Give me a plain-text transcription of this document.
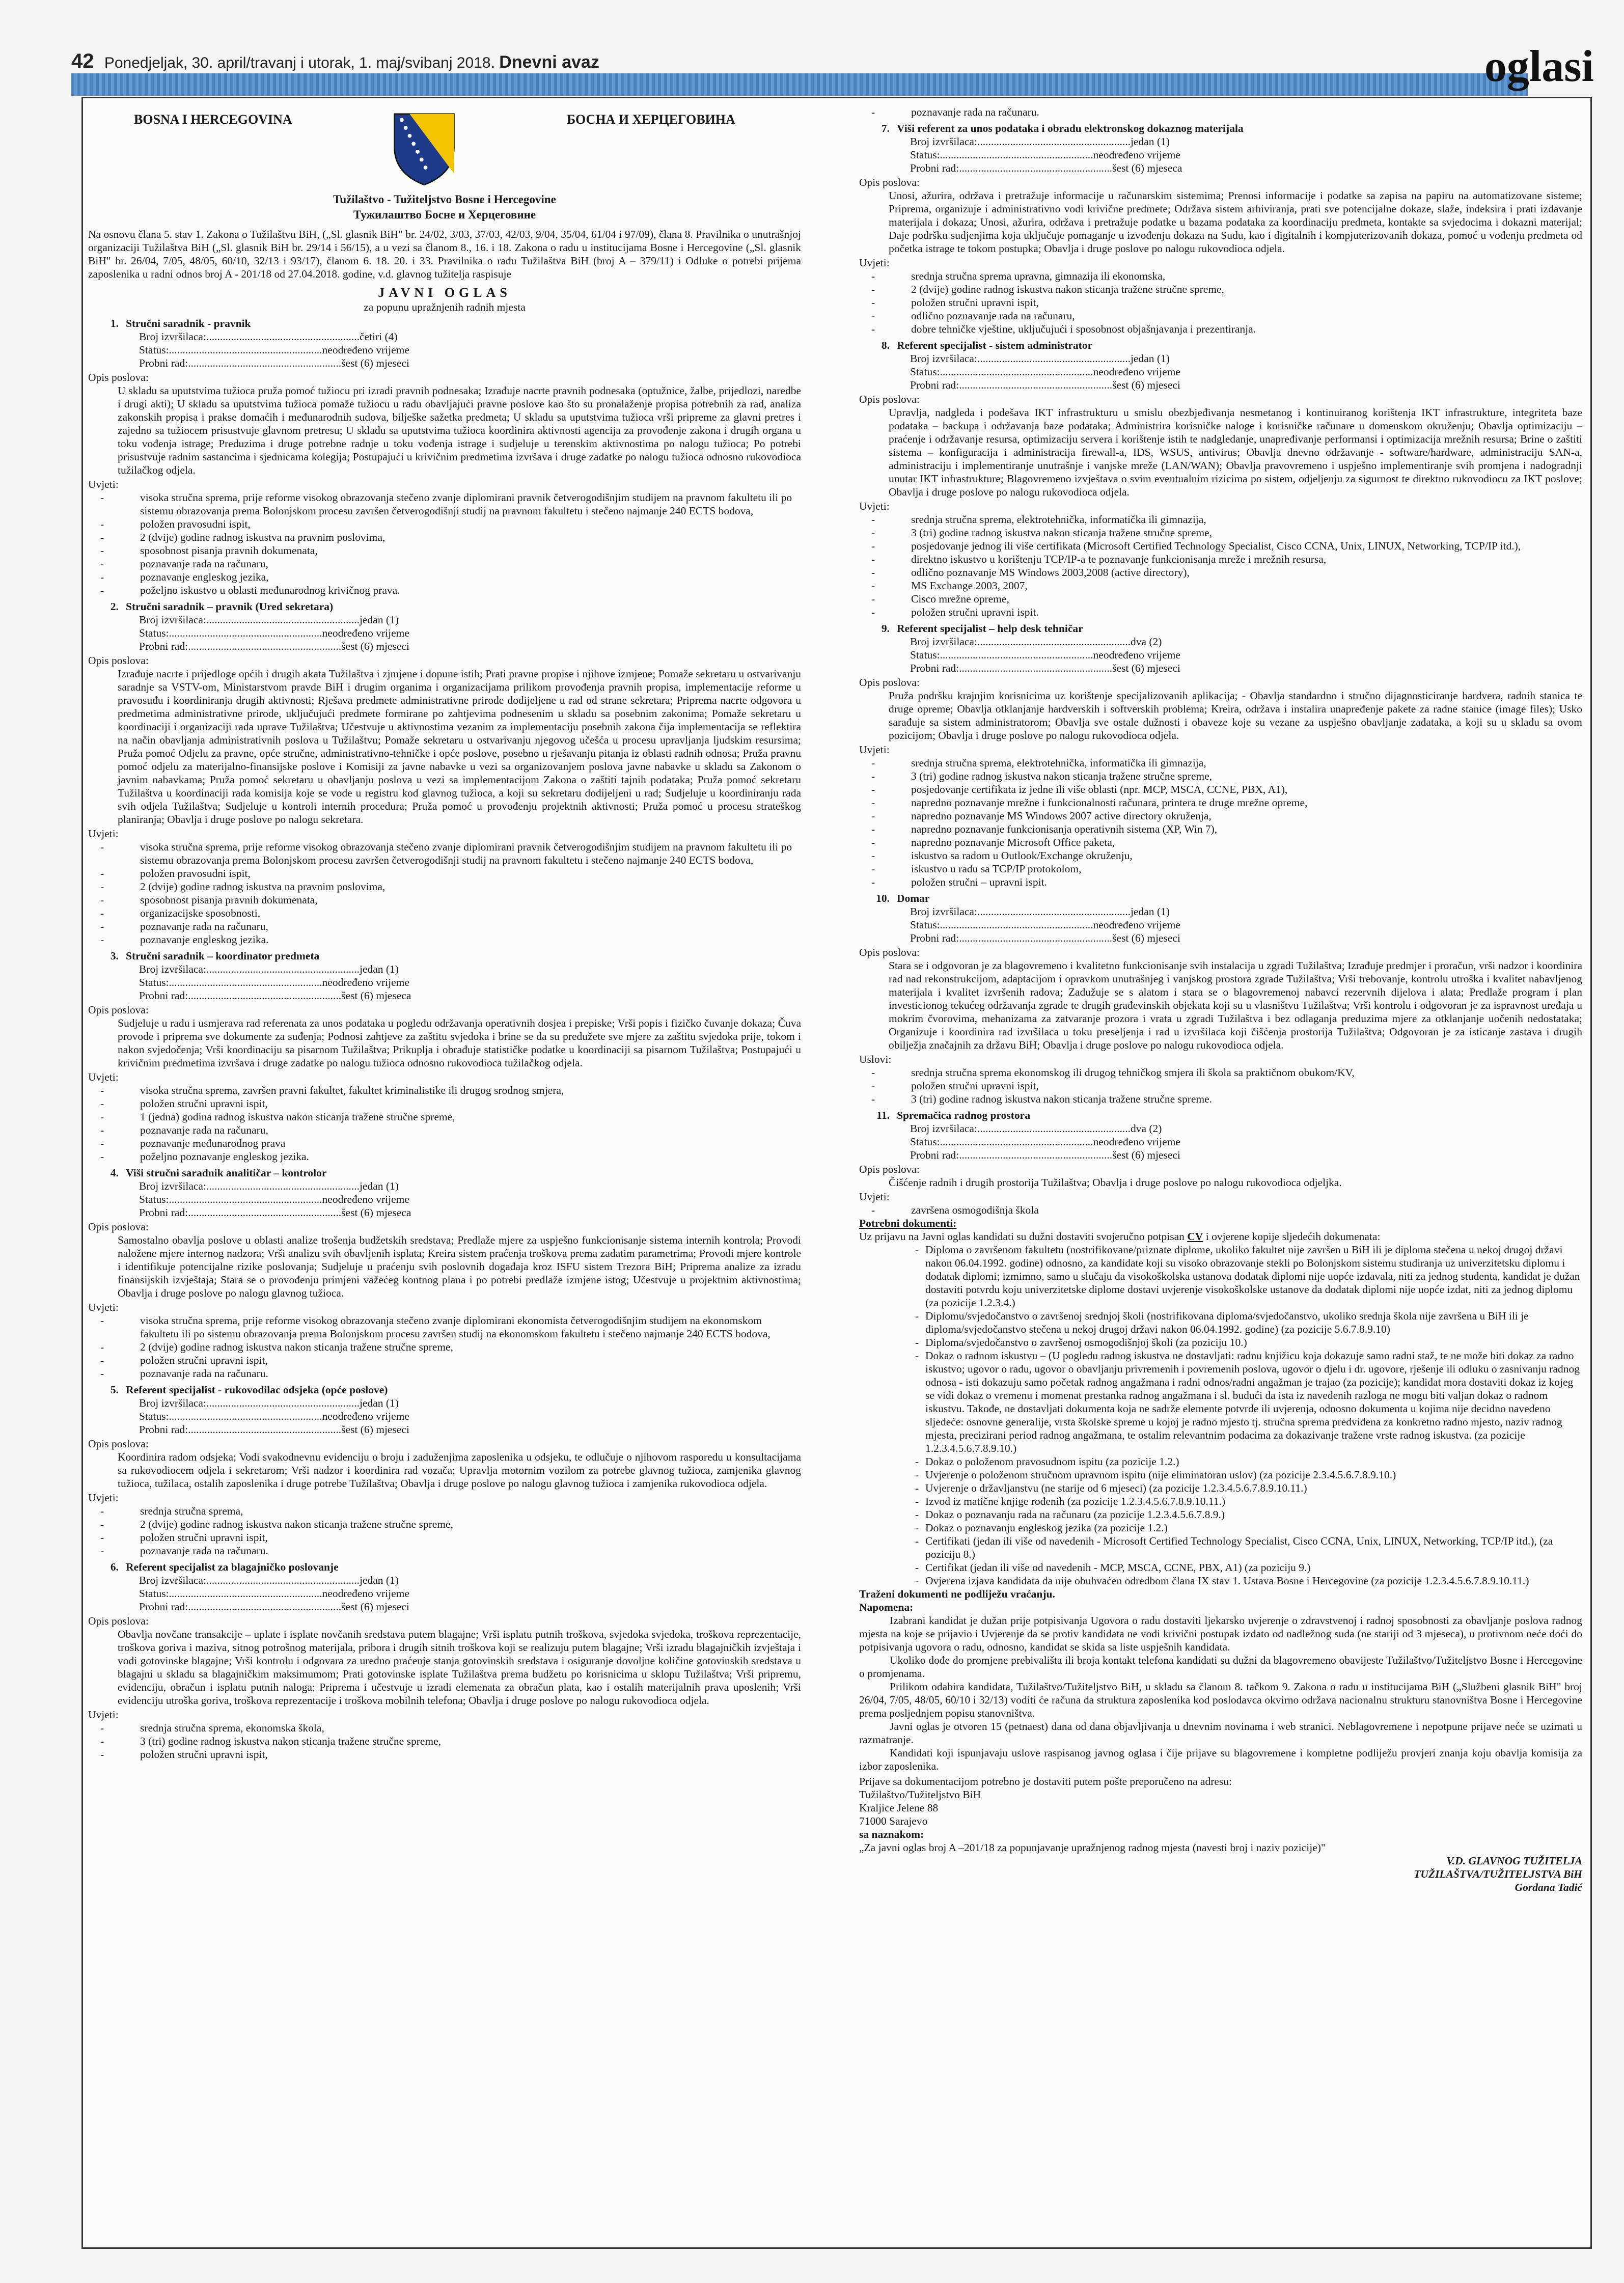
42 Ponedjeljak, 30. april/travanj i utorak, 1. maj/svibanj 2018. Dnevni avaz	oglasi
BOSNA I HERCEGOVINA	БОСНА И ХЕРЦЕГОВИНА
Tužilaštvo - Tužiteljstvo Bosne i Hercegovine
Тужилаштво Босне и Херцеговине

Na osnovu člana 5. stav 1. Zakona o Tužilaštvu BiH, („Sl. glasnik BiH" br. 24/02, 3/03, 37/03, 42/03, 9/04, 35/04, 61/04 i 97/09), člana 8. Pravilnika o unutrašnjoj organizaciji Tužilaštva BiH („Sl. glasnik BiH br. 29/14 i 56/15), a u vezi sa članom 8., 16. i 18. Zakona o radu u institucijama Bosne i Hercegovine („Sl. glasnik BiH" br. 26/04, 7/05, 48/05, 60/10, 32/13 i 93/17), članom 6. 18. 20. i 33. Pravilnika o radu Tužilaštva BiH (broj A – 379/11) i Odluke o potrebi prijema zaposlenika u radni odnos broj A - 201/18 od 27.04.2018. godine, v.d. glavnog tužitelja raspisuje

JAVNI OGLAS
za popunu upražnjenih radnih mjesta
1. Stručni saradnik - pravnik
Broj izvršilaca:........................................................četiri (4)
Status:........................................................neodređeno vrijeme
Probni rad:........................................................šest (6) mjeseci
Opis poslova:

U skladu sa uputstvima tužioca pruža pomoć tužiocu pri izradi pravnih podnesaka; Izrađuje nacrte pravnih podnesaka (optužnice, žalbe, prijedlozi, naredbe i drugi akti); U skladu sa uputstvima tužioca pomaže tužiocu u radu obavljajući pravne poslove kao što su pronalaženje propisa potrebnih za rad, analiza zakonskih propisa i prakse domaćih i međunarodnih sudova, bilješke sažetka predmeta; U skladu sa uputstvima tužioca vrši pripreme za glavni pretres i zajedno sa tužiocem prisustvuje glavnom pretresu; U skladu sa uputstvima tužioca koordinira aktivnosti agencija za provođenje zakona i drugih organa u toku vođenja istrage; Preduzima i druge potrebne radnje u toku vođenja istrage i sudjeluje u terenskim aktivnostima po nalogu tužioca; Po potrebi prisustvuje radnim sastancima i sjednicama kolegija; Postupajući u krivičnim predmetima izvršava i druge zadatke po nalogu tužioca odnosno rukovodioca tužilačkog odjela.

Uvjeti:
- visoka stručna sprema, prije reforme visokog obrazovanja stečeno zvanje diplomirani pravnik četverogodišnjim studijem na pravnom fakultetu ili po sistemu obrazovanja prema Bolonjskom procesu završen četverogodišnji studij na pravnom fakultetu i stečeno najmanje 240 ECTS bodova,
- položen pravosudni ispit,
- 2 (dvije) godine radnog iskustva na pravnim poslovima,
- sposobnost pisanja pravnih dokumenata,
- poznavanje rada na računaru,
- poznavanje engleskog jezika,
- poželjno iskustvo u oblasti međunarodnog krivičnog prava.
2. Stručni saradnik – pravnik (Ured sekretara)
Broj izvršilaca:........................................................jedan (1)
Status:........................................................neodređeno vrijeme
Probni rad:........................................................šest (6) mjeseci
Opis poslova:

Izrađuje nacrte i prijedloge općih i drugih akata Tužilaštva i zjmjene i dopune istih; Prati pravne propise i njihove izmjene; Pomaže sekretaru u ostvarivanju saradnje sa VSTV-om, Ministarstvom pravde BiH i drugim organima i organizacijama prilikom provođenja pravnih propisa, implementacije reforme u pravosuđu i koordiniranja drugih aktivnosti; Rješava predmete administrativne prirode dodijeljene u rad od strane sekretara; Priprema nacrte odgovora u predmetima administrativne prirode, uključujući predmete formirane po zahtjevima podnesenim u skladu sa posebnim zakonima; Pomaže sekretaru u koordinaciji i organizaciji rada uprave Tužilaštva; Učestvuje u aktivnostima vezanim za implementaciju posebnih zakona čija implementacija se reflektira na način obavljanja administrativnih poslova u Tužilaštvu; Pomaže sekretaru u ostvarivanju njegovog učešća u procesu upravljanja ljudskim resursima; Pruža pomoć Odjelu za pravne, opće stručne, administrativno-tehničke i opće poslove, posebno u rješavanju pitanja iz oblasti radnih odnosa; Pruža pravnu pomoć odjelu za materijalno-finansijske poslove i Komisiji za javne nabavke u vezi sa organizovanjem poslova javne nabavke u skladu sa Zakonom o javnim nabavkama; Pruža pomoć sekretaru u obavljanju poslova u vezi sa implementacijom Zakona o zaštiti tajnih podataka; Pruža pomoć sekretaru Tužilaštva u koordinaciji rada komisija koje se vode u registru kod glavnog tužioca, a koji su sekretaru dodijeljeni u rad; Sudjeluje u koordiniranju rada svih odjela Tužilaštva; Sudjeluje u kontroli internih procedura; Pruža pomoć u provođenju projektnih aktivnosti; Pruža pomoć u procesu strateškog planiranja; Obavlja i druge poslove po nalogu sekretara.

Uvjeti:
- visoka stručna sprema, prije reforme visokog obrazovanja stečeno zvanje diplomirani pravnik četverogodišnjim studijem na pravnom fakultetu ili po sistemu obrazovanja prema Bolonjskom procesu završen četverogodišnji studij na pravnom fakultetu i stečeno najmanje 240 ECTS bodova,
- položen pravosudni ispit,
- 2 (dvije) godine radnog iskustva na pravnim poslovima,
- sposobnost pisanja pravnih dokumenata,
- organizacijske sposobnosti,
- poznavanje rada na računaru,
- poznavanje engleskog jezika.
3. Stručni saradnik – koordinator predmeta
Broj izvršilaca:........................................................jedan (1)
Status:........................................................neodređeno vrijeme
Probni rad:........................................................šest (6) mjeseca
Opis poslova:

Sudjeluje u radu i usmjerava rad referenata za unos podataka u pogledu održavanja operativnih dosjea i prepiske; Vrši popis i fizičko čuvanje dokaza; Čuva provode i priprema sve dokumente za suđenja; Podnosi zahtjeve za zaštitu svjedoka i brine se da su predužete sve mjere za zaštitu svjedoka prije, tokom i nakon svjedočenja; Vrši koordinaciju sa pisarnom Tužilaštva; Prikuplja i obrađuje statističke podatke u koordinaciji sa pisarnom Tužilaštva; Postupajući u krivičnim predmetima izvršava i druge zadatke po nalogu tužioca odnosno rukovodioca tužilačkog odjela.

Uvjeti:
- visoka stručna sprema, završen pravni fakultet, fakultet kriminalistike ili drugog srodnog smjera,
- položen stručni upravni ispit,
- 1 (jedna) godina radnog iskustva nakon sticanja tražene stručne spreme,
- poznavanje rada na računaru,
- poznavanje međunarodnog prava
- poželjno poznavanje engleskog jezika.
4. Viši stručni saradnik analitičar – kontrolor
Broj izvršilaca:........................................................jedan (1)
Status:........................................................neodređeno vrijeme
Probni rad:........................................................šest (6) mjeseca
Opis poslova:

Samostalno obavlja poslove u oblasti analize trošenja budžetskih sredstava; Predlaže mjere za uspješno funkcionisanje sistema internih kontrola; Provodi naložene mjere internog nadzora; Vrši analizu svih obavljenih isplata; Kreira sistem praćenja troškova prema zadatim parametrima; Provodi mjere kontrole i identifikuje potencijalne rizike poslovanja; Sudjeluje u praćenju svih poslovnih događaja kroz ISFU sistem Trezora BiH; Priprema analize za izradu finansijskih izvještaja; Stara se o provođenju primjeni važećeg kontnog plana i po potrebi predlaže izmjene istog; Učestvuje u projektnim aktivnostima; Obavlja i druge poslove po nalogu glavnog tužioca.

Uvjeti:
- visoka stručna sprema, prije reforme visokog obrazovanja stečeno zvanje diplomirani ekonomista četverogodišnjim studijem na ekonomskom fakultetu ili po sistemu obrazovanja prema Bolonjskom procesu završen studij na ekonomskom fakultetu i stečeno najmanje 240 ECTS bodova,
- 2 (dvije) godine radnog iskustva nakon sticanja tražene stručne spreme,
- položen stručni upravni ispit,
- poznavanje rada na računaru.
5. Referent specijalist - rukovodilac odsjeka (opće poslove)
Broj izvršilaca:........................................................jedan (1)
Status:........................................................neodređeno vrijeme
Probni rad:........................................................šest (6) mjeseci
Opis poslova:

Koordinira radom odsjeka; Vodi svakodnevnu evidenciju o broju i zaduženjima zaposlenika u odsjeku, te odlučuje o njihovom rasporedu u konsultacijama sa rukovodiocem odjela i sekretarom; Vrši nadzor i koordinira rad vozača; Upravlja motornim vozilom za potrebe glavnog tužioca, zamjenika glavnog tužioca, tužilaca, ostalih zaposlenika i druge potrebe Tužilaštva; Obavlja i druge poslove po nalogu glavnog tužioca i zamjenika rukovodioca odjela.

Uvjeti:
- srednja stručna sprema,
- 2 (dvije) godine radnog iskustva nakon sticanja tražene stručne spreme,
- položen stručni upravni ispit,
- poznavanje rada na računaru.
6. Referent specijalist za blagajničko poslovanje
Broj izvršilaca:........................................................jedan (1)
Status:........................................................neodređeno vrijeme
Probni rad:........................................................šest (6) mjeseci
Opis poslova:

Obavlja novčane transakcije – uplate i isplate novčanih sredstava putem blagajne; Vrši isplatu putnih troškova, svjedoka svjedoka, troškova reprezentacije, troškova goriva i maziva, sitnog potrošnog materijala, pribora i drugih sitnih troškova koji se realizuju putem blagajne; Vrši izradu blagajničkih izvještaja i vodi gotovinske blagajne; Vrši kontrolu i odgovara za uredno praćenje stanja gotovinskih sredstava i osiguranje dovoljne količine gotovinskih sredstava u blagajni u skladu sa blagajničkim maksimumom; Prati gotovinske isplate Tužilaštva prema budžetu po korisnicima u sklopu Tužilaštva; Vrši pripremu, evidenciju, obračun i isplatu putnih naloga; Priprema i učestvuje u izradi elemenata za obračun plata, kao i ostalih materijalnih prava uposlenih; Vrši evidenciju utroška goriva, troškova reprezentacije i troškova mobilnih telefona; Obavlja i druge poslove po nalogu rukovodioca odjela.

Uvjeti:
- srednja stručna sprema, ekonomska škola,
- 3 (tri) godine radnog iskustva nakon sticanja tražene stručne spreme,
- položen stručni upravni ispit,
- poznavanje rada na računaru.
7. Viši referent za unos podataka i obradu elektronskog dokaznog materijala
Broj izvršilaca:........................................................jedan (1)
Status:........................................................neodređeno vrijeme
Probni rad:........................................................šest (6) mjeseca
Opis poslova:

Unosi, ažurira, održava i pretražuje informacije u računarskim sistemima; Prenosi informacije i podatke sa zapisa na papiru na automatizovane sisteme; Priprema, organizuje i administrativno vodi krivične predmete; Održava sistem arhiviranja, prati sve potencijalne dokaze, slaže, indeksira i prati izdavanje materijala i dokaza; Unosi, ažurira, održava i pretražuje podatke u bazama podataka za koordinaciju predmeta, kontakte sa svjedocima i dokazni materijal; Daje podršku sudjenjima koja uključuje pomaganje u izvođenju dokaza na Sudu, kao i digitalnih i kompjuterizovanih dokaza, pomoć u vođenju predmeta od početka istrage te tokom postupka; Obavlja i druge poslove po nalogu rukovodioca odjela.

Uvjeti:
- srednja stručna sprema upravna, gimnazija ili ekonomska,
- 2 (dvije) godine radnog iskustva nakon sticanja tražene stručne spreme,
- položen stručni upravni ispit,
- odlično poznavanje rada na računaru,
- dobre tehničke vještine, uključujući i sposobnost objašnjavanja i prezentiranja.
8. Referent specijalist - sistem administrator
Broj izvršilaca:........................................................jedan (1)
Status:........................................................neodređeno vrijeme
Probni rad:........................................................šest (6) mjeseci
Opis poslova:

Upravlja, nadgleda i podešava IKT infrastrukturu u smislu obezbjeđivanja nesmetanog i kontinuiranog korištenja IKT infrastrukture, integriteta baze podataka – backupa i održavanja baze podataka; Administrira korisničke naloge i korisničke računare u domenskom okruženju; Obavlja optimizaciju – praćenje i održavanje resursa, optimizaciju servera i korištenje istih te nadgledanje, unapređivanje performansi i optimizacija mrežnih resursa; Brine o zaštiti sistema – konfiguracija i administracija firewall-a, IDS, WSUS, antivirus; Obavlja dnevno održavanje - software/hardware, administraciju SAN-a, administraciju i implementiranje unutrašnje i vanjske mreže (LAN/WAN); Obavlja pravovremeno i uspješno implementiranje svih promjena i nadogradnji unutar IKT infrastrukture; Blagovremeno izvještava o svim eventualnim rizicima po sistem, odjeljenju za sigurnost te direktno rukovodiocu za IKT poslove; Obavlja i druge poslove po nalogu rukovodioca odjela.

Uvjeti:
- srednja stručna sprema, elektrotehnička, informatička ili gimnazija,
- 3 (tri) godine radnog iskustva nakon sticanja tražene stručne spreme,
- posjedovanje jednog ili više certifikata (Microsoft Certified Technology Specialist, Cisco CCNA, Unix, LINUX, Networking, TCP/IP itd.),
- direktno iskustvo u korištenju TCP/IP-a te poznavanje funkcionisanja mreže i mrežnih resursa,
- odlično poznavanje MS Windows 2003,2008 (active directory),
- MS Exchange 2003, 2007,
- Cisco mrežne opreme,
- položen stručni upravni ispit.
9. Referent specijalist – help desk tehničar
Broj izvršilaca:........................................................dva (2)
Status:........................................................neodređeno vrijeme
Probni rad:........................................................šest (6) mjeseci
Opis poslova:

Pruža podršku krajnjim korisnicima uz korištenje specijalizovanih aplikacija; - Obavlja standardno i stručno dijagnosticiranje hardvera, radnih stanica te druge opreme; Obavlja otklanjanje hardverskih i softverskih problema; Kreira, održava i instalira unapređenje pakete za radne stanice (image files); Usko sarađuje sa sistem administratorom; Obavlja sve ostale dužnosti i obaveze koje su vezane za uspješno obavljanje zadataka, a koji su u skladu sa ovom pozicijom; Obavlja i druge poslove po nalogu rukovodioca odjela.

Uvjeti:
- srednja stručna sprema, elektrotehnička, informatička ili gimnazija,
- 3 (tri) godine radnog iskustva nakon sticanja tražene stručne spreme,
- posjedovanje certifikata iz jedne ili više oblasti (npr. MCP, MSCA, CCNE, PBX, A1),
- napredno poznavanje mrežne i funkcionalnosti računara, printera te druge mrežne opreme,
- napredno poznavanje MS Windows 2007 active directory okruženja,
- napredno poznavanje funkcionisanja operativnih sistema (XP, Win 7),
- napredno poznavanje Microsoft Office paketa,
- iskustvo sa radom u Outlook/Exchange okruženju,
- iskustvo u radu sa TCP/IP protokolom,
- položen stručni – upravni ispit.
10. Domar
Broj izvršilaca:........................................................jedan (1)
Status:........................................................neodređeno vrijeme
Probni rad:........................................................šest (6) mjeseci
Opis poslova:

Stara se i odgovoran je za blagovremeno i kvalitetno funkcionisanje svih instalacija u zgradi Tužilaštva; Izrađuje predmjer i proračun, vrši nadzor i koordinira rad nad rekonstrukcijom, adaptacijom i opravkom unutrašnjeg i vanjskog prostora zgrade Tužilaštva; Vrši trebovanje, kontrolu utroška i kvalitet nabavljenog materijala i kvalitet izvršenih radova; Zadužuje se s alatom i stara se o blagovremenoj nabavci rezervnih dijelova i alata; Predlaže program i plan investicionog tekućeg održavanja zgrade te drugih građevinskih objekata koji su u vlasništvu Tužilaštva; Vrši kontrolu i odgovoran je za ispravnost uređaja u mokrim čvorovima, mehanizama za zatvaranje prozora i vrata u zgradi Tužilaštva i bez odlaganja preduzima mjere za otklanjanje uočenih nedostataka; Organizuje i koordinira rad izvršilaca u toku preseljenja i rad u izvršilaca koji čišćenja prostorija Tužilaštva; Odgovoran je za isticanje zastava i drugih obilježja značajnih za državu BiH; Obavlja i druge poslove po nalogu rukovodioca odjela.

Uslovi:
- srednja stručna sprema ekonomskog ili drugog tehničkog smjera ili škola sa praktičnom obukom/KV,
- položen stručni upravni ispit,
- 3 (tri) godine radnog iskustva nakon sticanja tražene stručne spreme.
11. Spremačica radnog prostora
Broj izvršilaca:........................................................dva (2)
Status:........................................................neodređeno vrijeme
Probni rad:........................................................šest (6) mjeseci
Opis poslova:

Čišćenje radnih i drugih prostorija Tužilaštva; Obavlja i druge poslove po nalogu rukovodioca odjeljka.

Uvjeti:
- završena osmogodišnja škola
Potrebni dokumenti:

Uz prijavu na Javni oglas kandidati su dužni dostaviti svojeručno potpisan CV i ovjerene kopije sljedećih dokumenata:

- Diploma o završenom fakultetu (nostrifikovane/priznate diplome, ukoliko fakultet nije završen u BiH ili je diploma stečena u nekoj drugoj državi nakon 06.04.1992. godine) odnosno, za kandidate koji su visoko obrazovanje stekli po Bolonjskom sistemu studiranja uz univerzitetsku diplomu i dodatak diplomi; izmimno, samo u slučaju da visokoškolska ustanova dodatak diplomi nije uopće izdavala, niti za jednog studenta, kandidat je dužan dostaviti potvrdu koju univerzitetske diplome dostavi uvjerenje visokoškolske ustanove da dodatak diplomi nije uopće izdat, niti za jednog diplomu (za pozicije 1.2.3.4.)
- Diplomu/svjedočanstvo o završenoj srednjoj školi (nostrifikovana diploma/svjedočanstvo, ukoliko srednja škola nije završena u BiH ili je diploma/svjedočanstvo stečena u nekoj drugoj državi nakon 06.04.1992. godine) (za pozicije 5.6.7.8.9.10)
- Diploma/svjedočanstvo o završenoj osmogodišnjoj školi (za poziciju 10.)
- Dokaz o radnom iskustvu – (U pogledu radnog iskustva ne dostavljati: radnu knjižicu koja dokazuje samo radni staž, te ne može biti dokaz za radno iskustvo; ugovor o radu, ugovor o obavljanju privremenih i povremenih poslova, ugovor o djelu i dr. ugovore, rješenje ili odluku o zasnivanju radnog odnosa - isti dokazuju samo početak radnog angažmana i radni odnos/radni angažman je trajao (za pozicije); kandidat mora dostaviti dokaz iz kojeg se vidi dokaz o vremenu i momenat prestanka radnog angažmana i sl. budući da ista iz navedenih razloga ne mogu biti valjan dokaz o radnom iskustvu. Takođe, ne dostavljati dokumenta koja ne sadrže elemente potvrde ili uvjerenja, odnosno dokumenta u kojima nije decidno navedeno sljedeće: osnovne generalije, vrsta školske spreme u kojoj je radno mjesto tj. stručna sprema predviđena za konkretno radno mjesto, naziv radnog mjesta, precizirani period radnog angažmana, te ostalim relevantnim podacima za dokazivanje tražene vrste radnog iskustva. (za pozicije 1.2.3.4.5.6.7.8.9.10.)
- Dokaz o položenom pravosudnom ispitu (za pozicije 1.2.)
- Uvjerenje o položenom stručnom upravnom ispitu (nije eliminatoran uslov) (za pozicije 2.3.4.5.6.7.8.9.10.)
- Uvjerenje o državljanstvu (ne starije od 6 mjeseci) (za pozicije 1.2.3.4.5.6.7.8.9.10.11.)
- Izvod iz matične knjige rođenih (za pozicije 1.2.3.4.5.6.7.8.9.10.11.)
- Dokaz o poznavanju rada na računaru (za pozicije 1.2.3.4.5.6.7.8.9.)
- Dokaz o poznavanju engleskog jezika (za pozicije 1.2.)
- Certifikati (jedan ili više od navedenih - Microsoft Certified Technology Specialist, Cisco CCNA, Unix, LINUX, Networking, TCP/IP itd.), (za poziciju 8.)
- Certifikat (jedan ili više od navedenih - MCP, MSCA, CCNE, PBX, A1) (za poziciju 9.)
- Ovjerena izjava kandidata da nije obuhvaćen odredbom člana IX stav 1. Ustava Bosne i Hercegovine (za pozicije 1.2.3.4.5.6.7.8.9.10.11.)
Traženi dokumenti ne podliježu vraćanju.
Napomena:

Izabrani kandidat je dužan prije potpisivanja Ugovora o radu dostaviti ljekarsko uvjerenje o zdravstvenoj i radnoj sposobnosti za obavljanje poslova radnog mjesta na koje se prijavio i Uvjerenje da se protiv kandidata ne vodi krivični postupak izdato od nadležnog suda (ne stariji od 3 mjeseca), u protivnom neće doći do potpisivanja ugovora o radu, odnosno, kandidat se skida sa liste uspješnih kandidata.

Ukoliko dođe do promjene prebivališta ili broja kontakt telefona kandidati su dužni da blagovremeno obavijeste Tužilaštvo/Tužiteljstvo Bosne i Hercegovine o promjenama.

Prilikom odabira kandidata, Tužilaštvo/Tužiteljstvo BiH, u skladu sa članom 8. tačkom 9. Zakona o radu u institucijama BiH („Službeni glasnik BiH" broj 26/04, 7/05, 48/05, 60/10 i 32/13) voditi će računa da struktura zaposlenika kod poslodavca okvirno održava nacionalnu strukturu stanovništva Bosne i Hercegovine prema posljednjem popisu stanovništva.

Javni oglas je otvoren 15 (petnaest) dana od dana objavljivanja u dnevnim novinama i web stranici. Neblagovremene i nepotpune prijave neće se uzimati u razmatranje.

Kandidati koji ispunjavaju uslove raspisanog javnog oglasa i čije prijave su blagovremene i kompletne podliježu provjeri znanja koju obavlja komisija za izbor zaposlenika.

Prijave sa dokumentacijom potrebno je dostaviti putem pošte preporučeno na adresu:

Tužilaštvo/Tužiteljstvo BiH
Kraljice Jelene 88
71000 Sarajevo
sa naznakom:
„Za javni oglas broj A –201/18 za popunjavanje upražnjenog radnog mjesta (navesti broj i naziv pozicije)"
V.D. GLAVNOG TUŽITELJA
TUŽILAŠTVA/TUŽITELJSTVA BiH
Gordana Tadić
